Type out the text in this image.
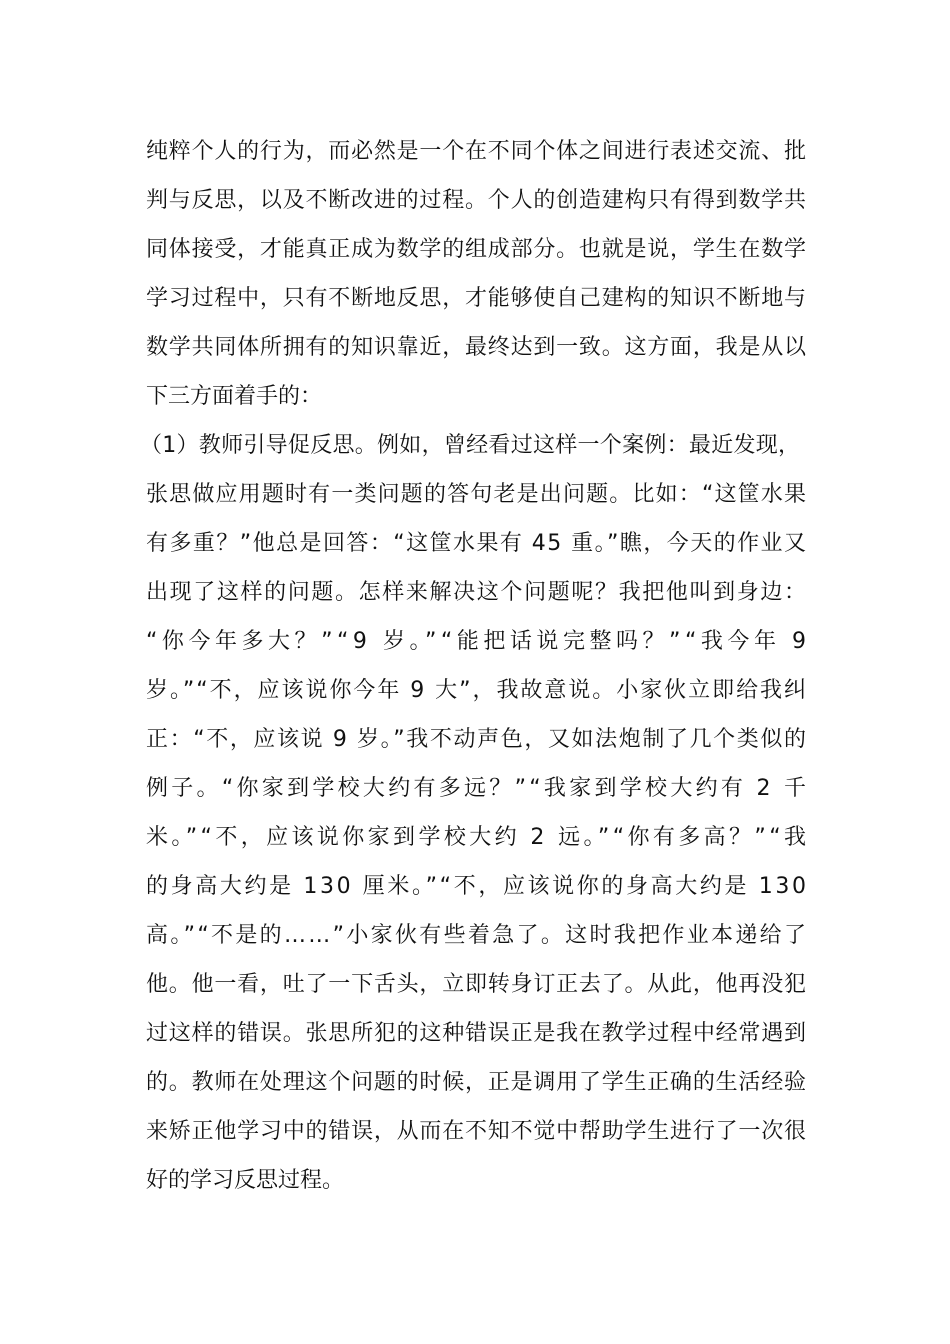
纯粹个人的行为，而必然是一个在不同个体之间进行表述交流、批
判与反思，以及不断改进的过程。个人的创造建构只有得到数学共
同体接受，才能真正成为数学的组成部分。也就是说，学生在数学
学习过程中，只有不断地反思，才能够使自己建构的知识不断地与
数学共同体所拥有的知识靠近，最终达到一致。这方面，我是从以
下三方面着手的：
（1）教师引导促反思。例如，曾经看过这样一个案例：最近发现，
张思做应用题时有一类问题的答句老是出问题。比如：“这筐水果
有多重？”他总是回答：“这筐水果有 45 重。”瞧，今天的作业又
出现了这样的问题。怎样来解决这个问题呢？我把他叫到身边：
“你今年多大？”“9 岁。”“能把话说完整吗？”“我今年 9
岁。”“不，应该说你今年 9 大”，我故意说。小家伙立即给我纠
正：“不，应该说 9 岁。”我不动声色，又如法炮制了几个类似的
例子。“你家到学校大约有多远？”“我家到学校大约有 2 千
米。”“不，应该说你家到学校大约 2 远。”“你有多高？”“我
的身高大约是 130 厘米。”“不，应该说你的身高大约是 130
高。”“不是的……”小家伙有些着急了。这时我把作业本递给了
他。他一看，吐了一下舌头，立即转身订正去了。从此，他再没犯
过这样的错误。张思所犯的这种错误正是我在教学过程中经常遇到
的。教师在处理这个问题的时候，正是调用了学生正确的生活经验
来矫正他学习中的错误，从而在不知不觉中帮助学生进行了一次很
好的学习反思过程。
